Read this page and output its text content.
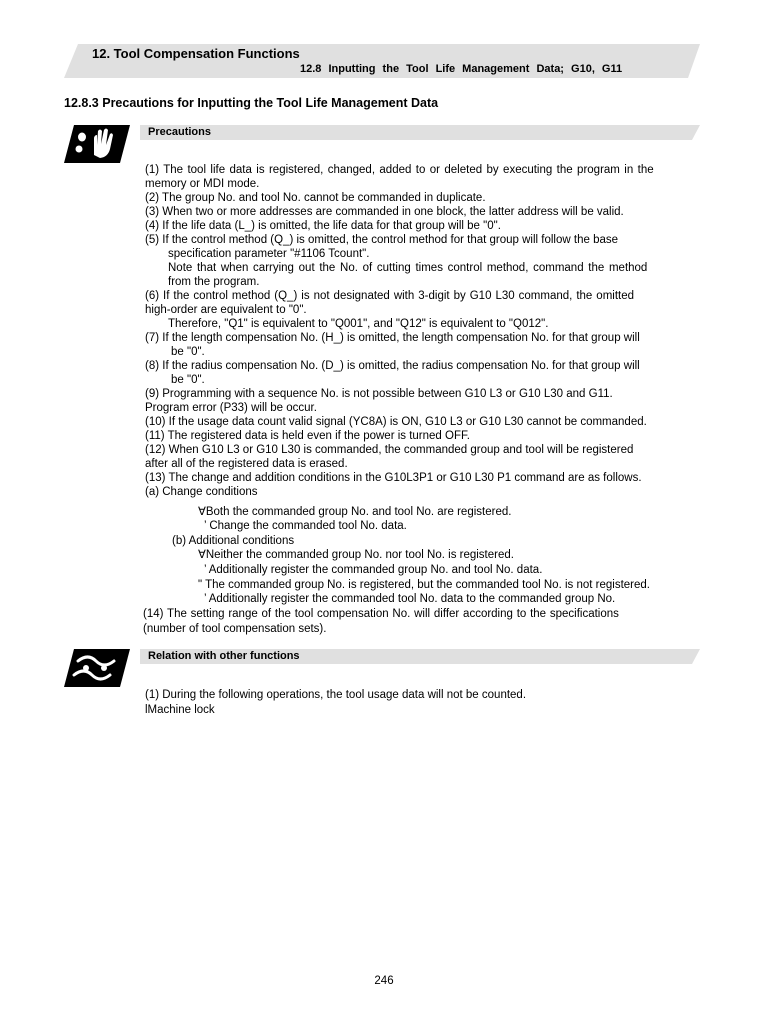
12. Tool Compensation Functions
12.8 Inputting the Tool Life Management Data; G10, G11
12.8.3 Precautions for Inputting the Tool Life Management Data
Precautions
(1) The tool life data is registered, changed, added to or deleted by executing the program in the
memory or MDI mode.
(2) The group No. and tool No. cannot be commanded in duplicate.
(3) When two or more addresses are commanded in one block, the latter address will be valid.
(4) If the life data (L_) is omitted, the life data for that group will be "0".
(5) If the control method (Q_) is omitted, the control method for that group will follow the base
specification parameter "#1106 Tcount".
Note that when carrying out the No. of cutting times control method, command the method
from the program.
(6) If the control method (Q_) is not designated with 3-digit by G10 L30 command, the omitted
high-order are equivalent to "0".
Therefore, "Q1" is equivalent to "Q001", and "Q12" is equivalent to "Q012".
(7) If the length compensation No. (H_) is omitted, the length compensation No. for that group will
be "0".
(8) If the radius compensation No. (D_) is omitted, the radius compensation No. for that group will
be "0".
(9) Programming with a sequence No. is not possible between G10 L3 or G10 L30 and G11.
Program error (P33) will be occur.
(10) If the usage data count valid signal (YC8A) is ON, G10 L3 or G10 L30 cannot be commanded.
(11) The registered data is held even if the power is turned OFF.
(12) When G10 L3 or G10 L30 is commanded, the commanded group and tool will be registered
after all of the registered data is erased.
(13) The change and addition conditions in the G10L3P1 or G10 L30 P1 command are as follows.
(a) Change conditions
∀Both the commanded group No. and tool No. are registered.
’ Change the commanded tool No. data.
(b) Additional conditions
∀Neither the commanded group No. nor tool No. is registered.
’ Additionally register the commanded group No. and tool No. data.
" The commanded group No. is registered, but the commanded tool No. is not registered.
’ Additionally register the commanded tool No. data to the commanded group No.
(14) The setting range of the tool compensation No. will differ according to the specifications
(number of tool compensation sets).
Relation with other functions
(1) During the following operations, the tool usage data will not be counted.
lMachine lock
246
